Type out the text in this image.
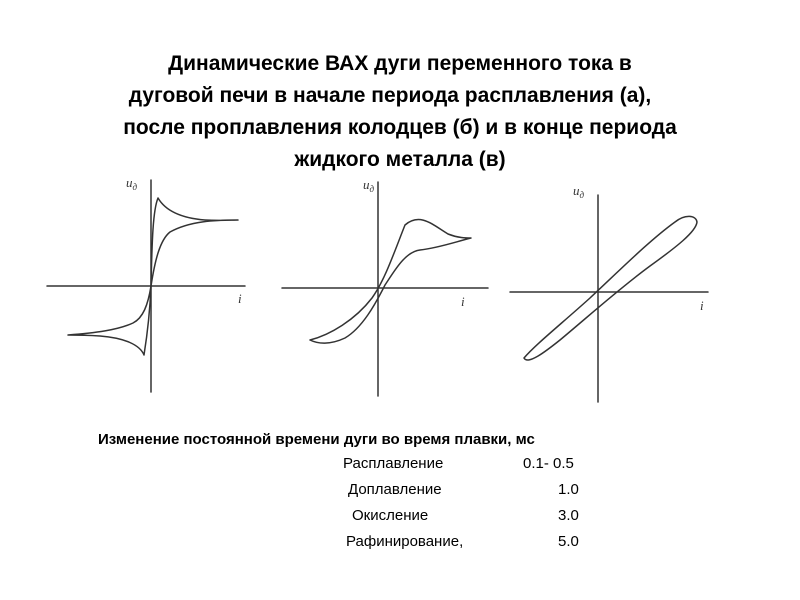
Динамические ВАХ дуги переменного тока в
дуговой печи в начале периода расплавления (а),
после проплавления колодцев (б) и в конце периода
жидкого металла (в)
$u_д$
i
$u_д$
i
$u_д$
i
Изменение постоянной времени дуги во время плавки, мс
Расплавление	0.1- 0.5
Доплавление	1.0
Окисление	3.0
Рафинирование,	5.0
